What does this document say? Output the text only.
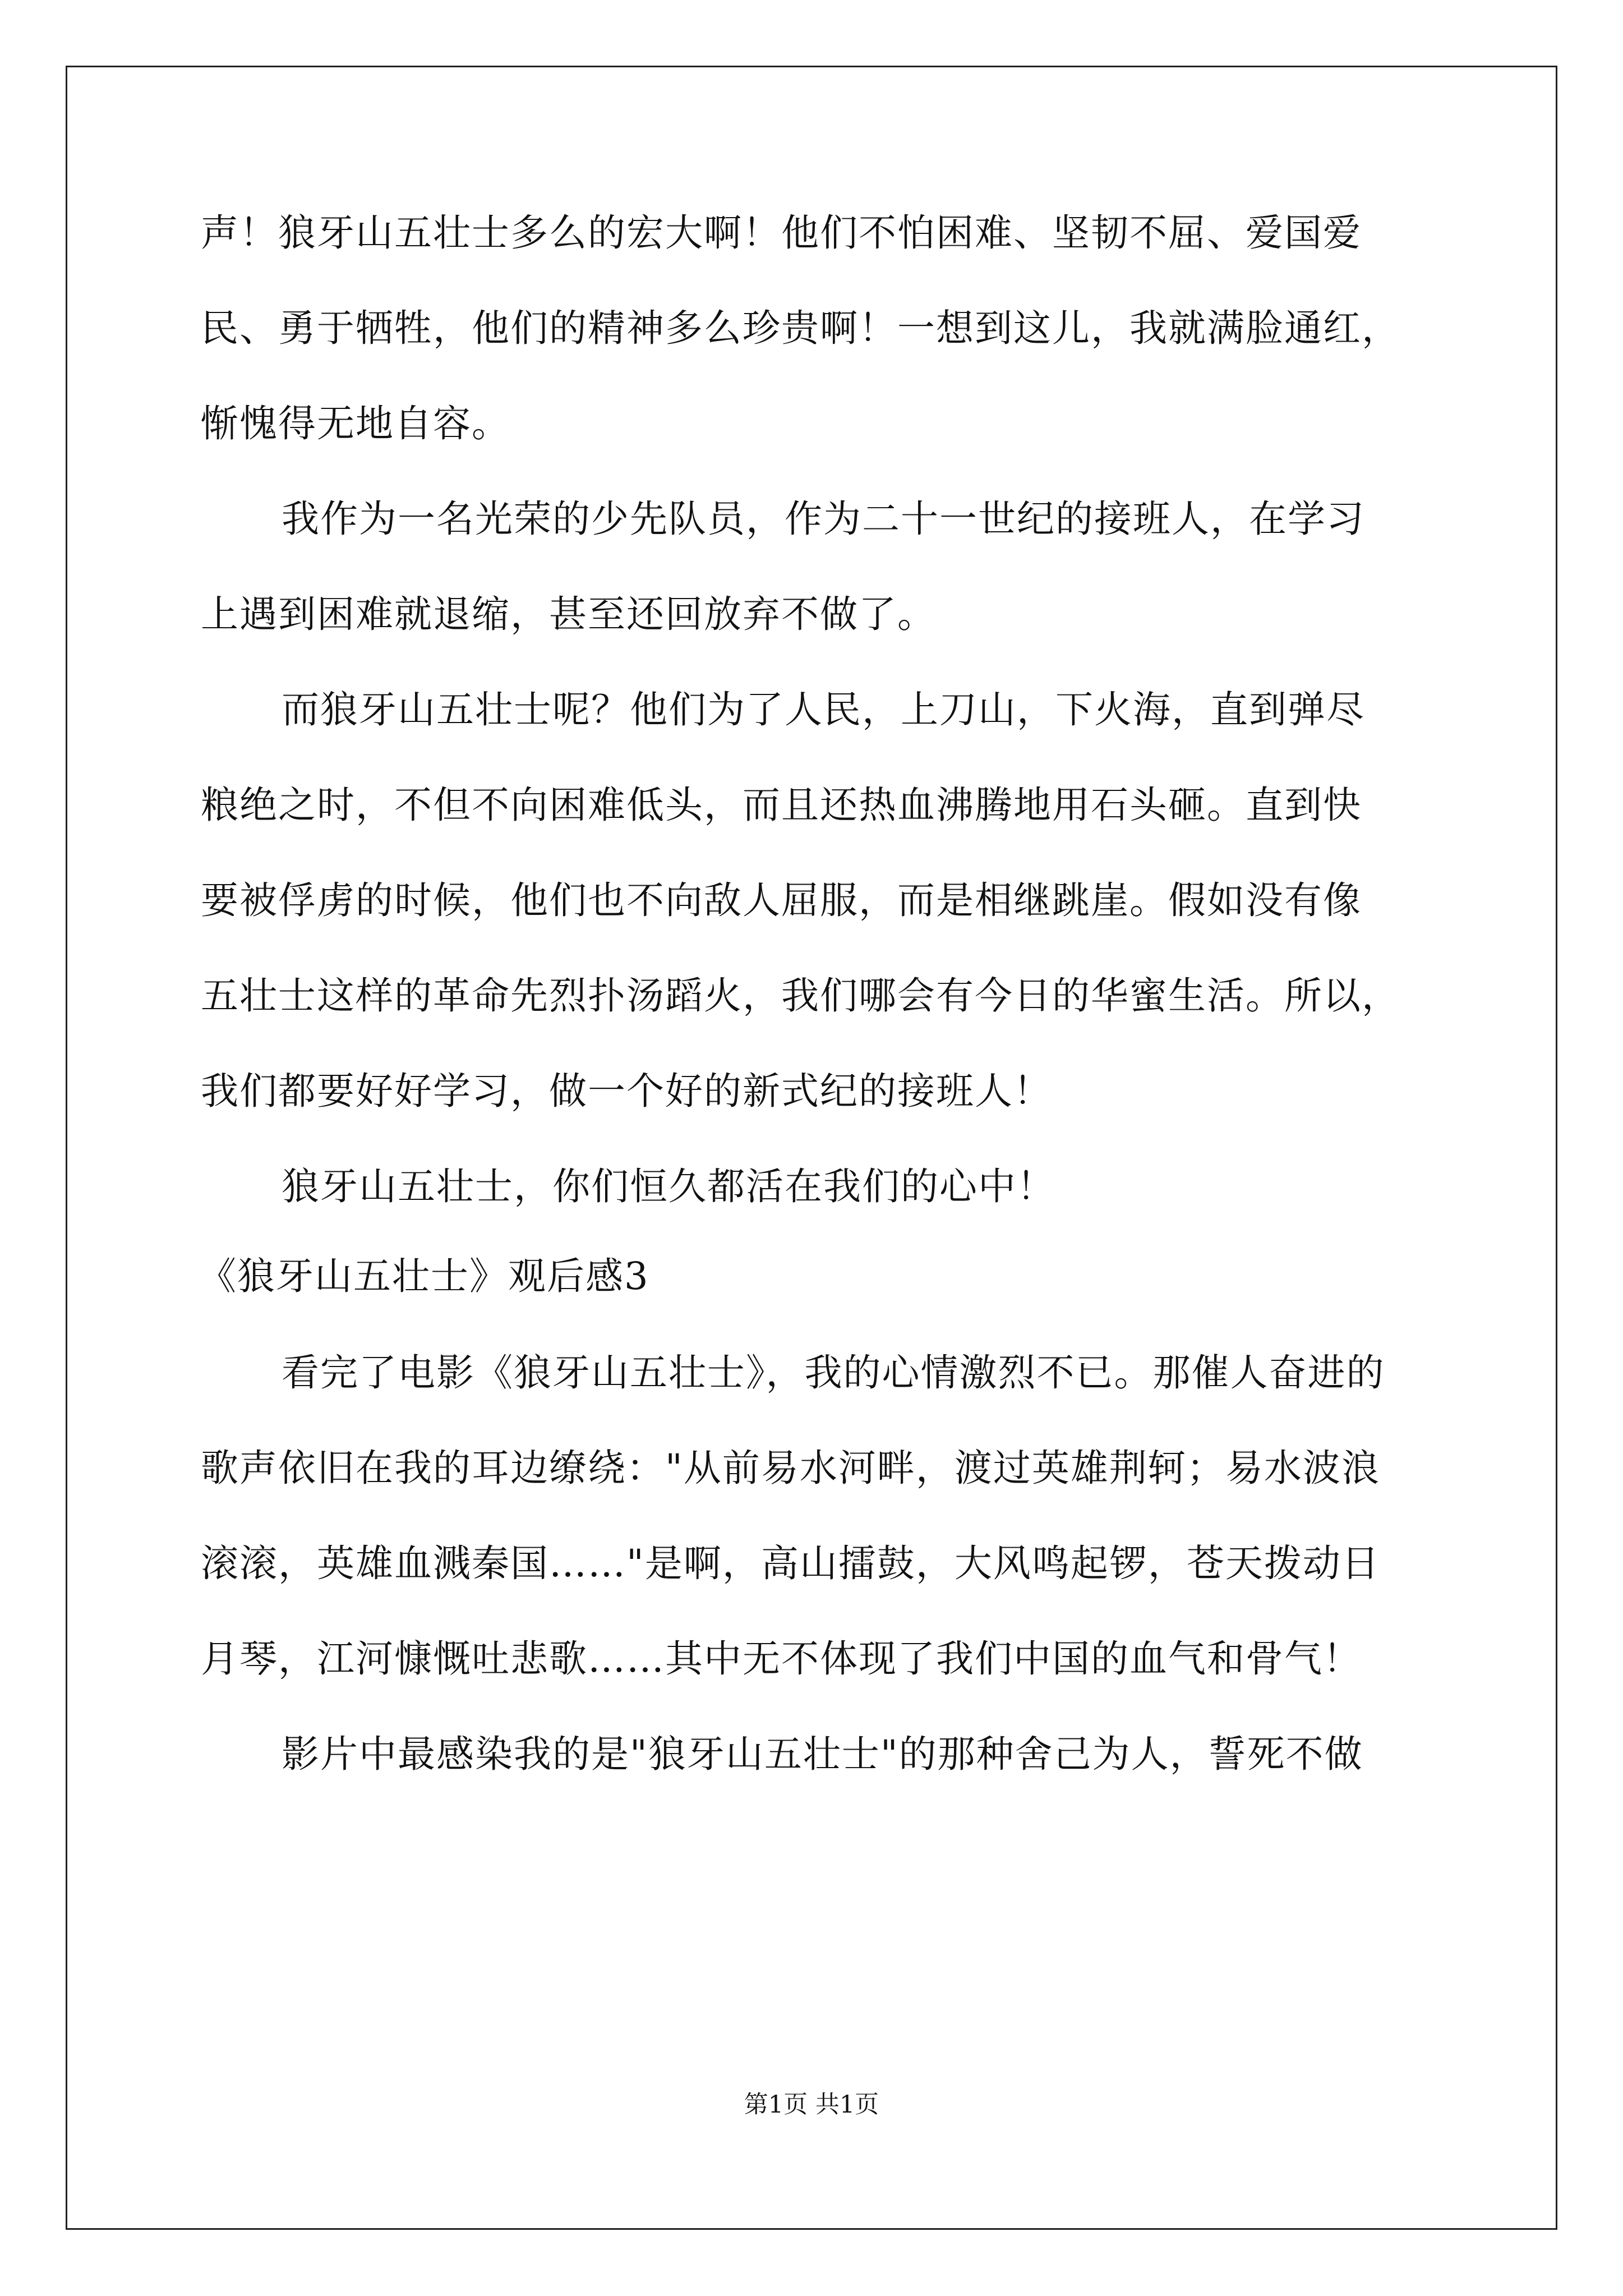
声！狼牙山五壮士多么的宏大啊！他们不怕困难、坚韧不屈、爱国爱
民、勇于牺牲，他们的精神多么珍贵啊！一想到这儿，我就满脸通红，
惭愧得无地自容。
我作为一名光荣的少先队员，作为二十一世纪的接班人，在学习
上遇到困难就退缩，甚至还回放弃不做了。
而狼牙山五壮士呢？他们为了人民，上刀山，下火海，直到弹尽
粮绝之时，不但不向困难低头，而且还热血沸腾地用石头砸。直到快
要被俘虏的时候，他们也不向敌人屈服，而是相继跳崖。假如没有像
五壮士这样的革命先烈扑汤蹈火，我们哪会有今日的华蜜生活。所以，
我们都要好好学习，做一个好的新式纪的接班人！
狼牙山五壮士，你们恒久都活在我们的心中！
《狼牙山五壮士》观后感3
看完了电影《狼牙山五壮士》，我的心情激烈不已。那催人奋进的
歌声依旧在我的耳边缭绕："从前易水河畔，渡过英雄荆轲；易水波浪
滚滚，英雄血溅秦国……"是啊，高山擂鼓，大风鸣起锣，苍天拨动日
月琴，江河慷慨吐悲歌……其中无不体现了我们中国的血气和骨气！
影片中最感染我的是"狼牙山五壮士"的那种舍己为人，誓死不做
第1页 共1页
